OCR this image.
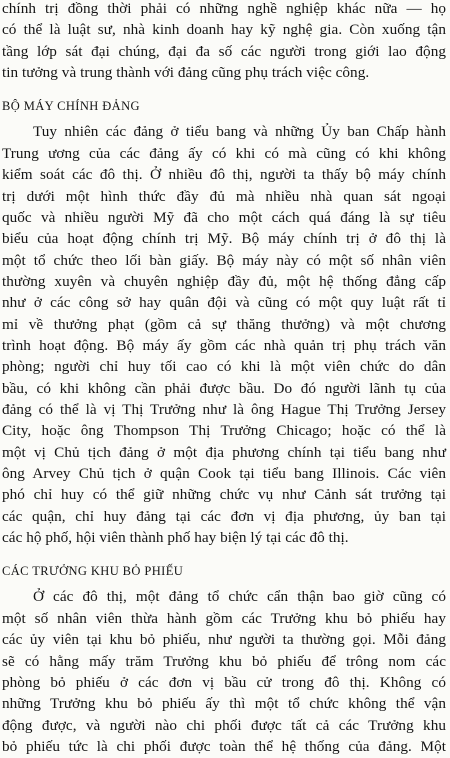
chính trị đồng thời phải có những nghề nghiệp khác nữa — họ
có thể là luật sư, nhà kinh doanh hay kỹ nghệ gia. Còn xuống tận
tầng lớp sát đại chúng, đại đa số các người trong giới lao động
tin tưởng và trung thành với đảng cũng phụ trách việc công.
BỘ MÁY CHÍNH ĐẢNG
Tuy nhiên các đảng ở tiểu bang và những Ủy ban Chấp hành
Trung ương của các đảng ấy có khi có mà cũng có khi không
kiểm soát các đô thị. Ở nhiều đô thị, người ta thấy bộ máy chính
trị dưới một hình thức đầy đủ mà nhiều nhà quan sát ngoại
quốc và nhiều người Mỹ đã cho một cách quá đáng là sự tiêu
biểu của hoạt động chính trị Mỹ. Bộ máy chính trị ở đô thị là
một tổ chức theo lối bàn giấy. Bộ máy này có một số nhân viên
thường xuyên và chuyên nghiệp đầy đủ, một hệ thống đẳng cấp
như ở các công sở hay quân đội và cũng có một quy luật rất tỉ
mỉ về thưởng phạt (gồm cả sự thăng thưởng) và một chương
trình hoạt động. Bộ máy ấy gồm các nhà quản trị phụ trách văn
phòng; người chỉ huy tối cao có khi là một viên chức do dân
bầu, có khi không cần phải được bầu. Do đó người lãnh tụ của
đảng có thể là vị Thị Trưởng như là ông Hague Thị Trưởng Jersey
City, hoặc ông Thompson Thị Trưởng Chicago; hoặc có thể là
một vị Chủ tịch đảng ở một địa phương chính tại tiểu bang như
ông Arvey Chủ tịch ở quận Cook tại tiểu bang Illinois. Các viên
phó chỉ huy có thể giữ những chức vụ như Cảnh sát trưởng tại
các quận, chỉ huy đảng tại các đơn vị địa phương, ủy ban tại
các hộ phố, hội viên thành phố hay biện lý tại các đô thị.
CÁC TRƯỞNG KHU BỎ PHIẾU
Ở các đô thị, một đảng tổ chức cẩn thận bao giờ cũng có
một số nhân viên thừa hành gồm các Trưởng khu bỏ phiếu hay
các ủy viên tại khu bỏ phiếu, như người ta thường gọi. Mỗi đảng
sẽ có hằng mấy trăm Trưởng khu bỏ phiếu để trông nom các
phòng bỏ phiếu ở các đơn vị bầu cử trong đô thị. Không có
những Trưởng khu bỏ phiếu ấy thì một tổ chức không thể vận
động được, và người nào chi phối được tất cả các Trưởng khu
bỏ phiếu tức là chi phối được toàn thể hệ thống của đảng. Một
